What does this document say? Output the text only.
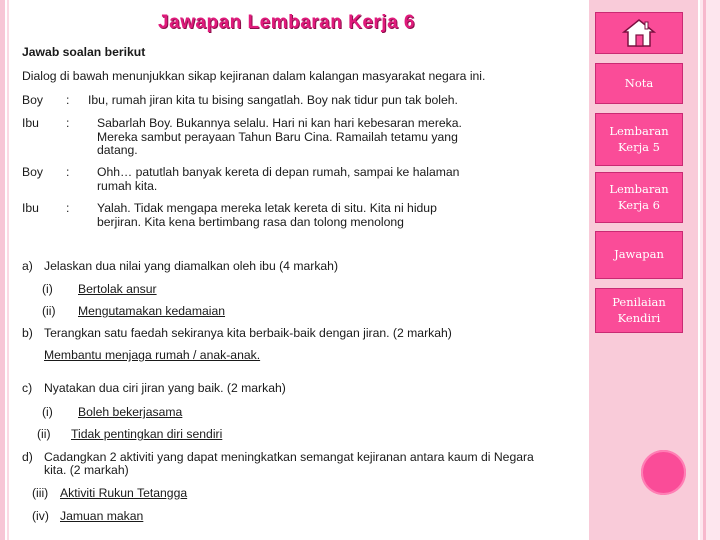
Jawapan Lembaran Kerja 6
Jawab soalan berikut
Dialog di bawah menunjukkan sikap kejiranan dalam kalangan masyarakat negara ini.
Boy : Ibu, rumah jiran kita tu bising sangatlah. Boy nak tidur pun tak boleh.
Ibu : Sabarlah Boy. Bukannya selalu. Hari ni kan hari kebesaran mereka.
Mereka sambut perayaan Tahun Baru Cina. Ramailah tetamu yang
datang.
Boy : Ohh… patutlah banyak kereta di depan rumah, sampai ke halaman
rumah kita.
Ibu : Yalah. Tidak mengapa mereka letak kereta di situ. Kita ni hidup
berjiran. Kita kena bertimbang rasa dan tolong menolong
a) Jelaskan dua nilai yang diamalkan oleh ibu (4 markah)
(i) Bertolak ansur
(ii) Mengutamakan kedamaian
b) Terangkan satu faedah sekiranya kita berbaik-baik dengan jiran. (2 markah)
Membantu menjaga rumah / anak-anak.
c) Nyatakan dua ciri jiran yang baik. (2 markah)
(i) Boleh bekerjasama
(ii) Tidak pentingkan diri sendiri
d) Cadangkan 2 aktiviti yang dapat meningkatkan semangat kejiranan antara kaum di Negara
kita. (2 markah)
(iii) Aktiviti Rukun Tetangga
(iv) Jamuan makan
Nota
Lembaran Kerja 5
Lembaran Kerja 6
Jawapan
Penilaian Kendiri
